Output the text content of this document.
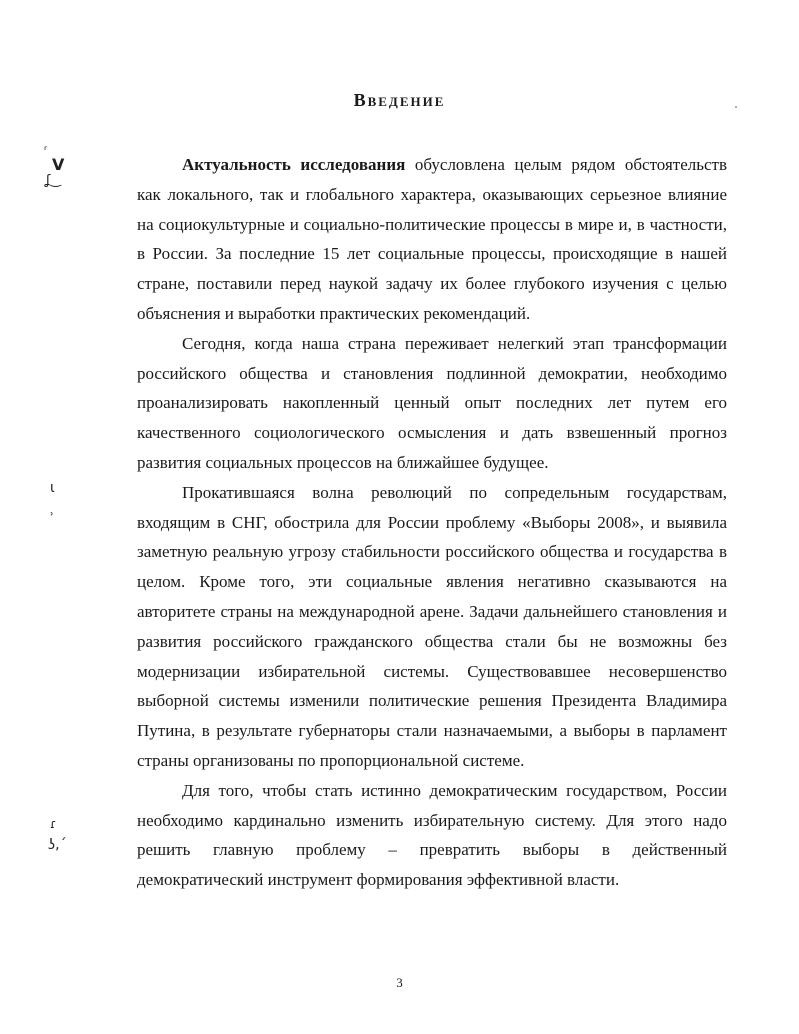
ʳ
V
ʆ‿
ɩ
ʾ
ɾ
ʖ,ˊ
Введение

Актуальность исследования обусловлена целым рядом обстоятельств как локального, так и глобального характера, оказывающих серьезное влияние на социокультурные и социально-политические процессы в мире и, в частности, в России. За последние 15 лет социальные процессы, происходящие в нашей стране, поставили перед наукой задачу их более глубокого изучения с целью объяснения и выработки практических рекомендаций.

Сегодня, когда наша страна переживает нелегкий этап трансформации российского общества и становления подлинной демократии, необходимо проанализировать накопленный ценный опыт последних лет путем его качественного социологического осмысления и дать взвешенный прогноз развития социальных процессов на ближайшее будущее.

Прокатившаяся волна революций по сопредельным государствам, входящим в СНГ, обострила для России проблему «Выборы 2008», и выявила заметную реальную угрозу стабильности российского общества и государства в целом. Кроме того, эти социальные явления негативно сказываются на авторитете страны на международной арене. Задачи дальнейшего становления и развития российского гражданского общества стали бы не возможны без модернизации избирательной системы. Существовавшее несовершенство выборной системы изменили политические решения Президента Владимира Путина, в результате губернаторы стали назначаемыми, а выборы в парламент страны организованы по пропорциональной системе.

Для того, чтобы стать истинно демократическим государством, России необходимо кардинально изменить избирательную систему. Для этого надо решить главную проблему – превратить выборы в действенный демократический инструмент формирования эффективной власти.

3
